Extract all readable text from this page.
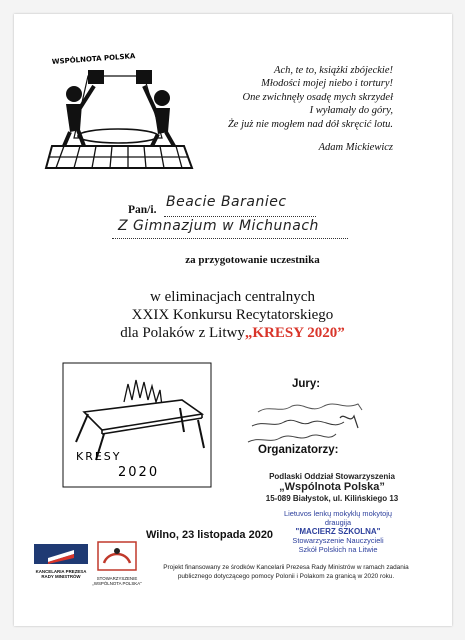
WSPÓLNOTA POLSKA
Ach, te to, książki zbójeckie!
Młodości mojej niebo i tortury!
One zwichnęły osadę mych skrzydeł
I wyłamały do góry,
Że już nie mogłem nad dół skręcić lotu.
Adam Mickiewicz
Pan/i. Beacie Baraniec
Z Gimnazjum w Michunach
za przygotowanie uczestnika
w eliminacjach centralnych
XXIX Konkursu Recytatorskiego
dla Polaków z Litwy„KRESY 2020”
KRESY
2020
Jury:
Organizatorzy:
Podlaski Oddział Stowarzyszenia
„Wspólnota Polska”
15-089 Białystok, ul. Kilińskiego 13
Lietuvos lenkų mokyklų mokytojų
draugija
"MACIERZ SZKOLNA"
Stowarzyszenie Nauczycieli
Szkół Polskich na Litwie
Wilno, 23 listopada 2020
KANCELARIA PREZESA
RADY MINISTRÓW	STOWARZYSZENIE
„WSPÓLNOTA POLSKA”
Projekt finansowany ze środków Kancelarii Prezesa Rady Ministrów w ramach zadania publicznego dotyczącego pomocy Polonii i Polakom za granicą w 2020 roku.
